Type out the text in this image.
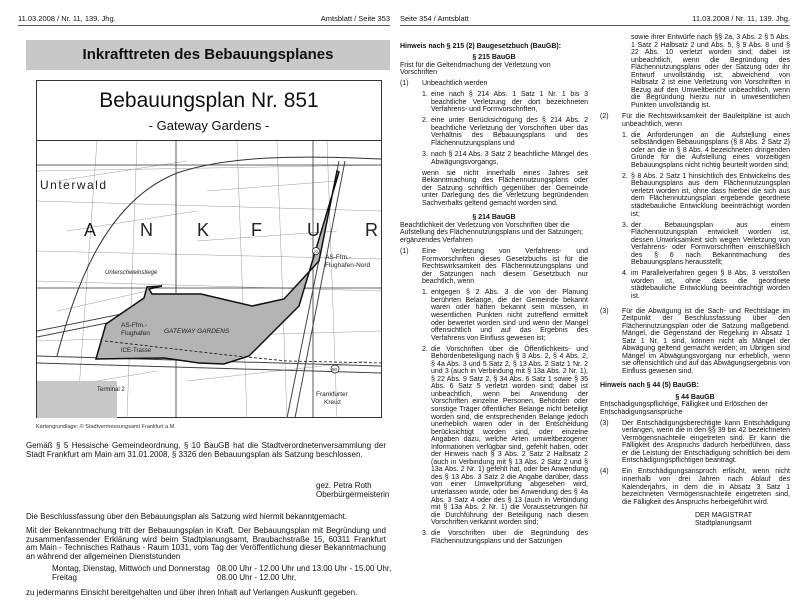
11.03.2008 / Nr. 11, 139. Jhg.	Amtsblatt / Seite 353
Inkrafttreten des Bebauungsplanes
Bebauungsplan Nr. 851
- Gateway Gardens -
Unterwald
A N K F	U	R
Unterschweinstiege
AS-Ffm.-
Flughafen-Nord
AS-Ffm.-
Flughafen GATEWAY GARDENS
ICE-Trasse
Terminal 2
Frankfurter
Kreuz
22
50
Kartengrundlage: © Stadtvermessungsamt Frankfurt a.M.
Gemäß § 5 Hessische Gemeindeordnung, § 10 BauGB hat die Stadtverordnetenversammlung der Stadt Frankfurt am Main am 31.01.2008, § 3326 den Bebauungsplan als Satzung beschlossen.
gez. Petra Roth
Oberbürgermeisterin
Die Beschlussfassung über den Bebauungsplan als Satzung wird hiermit bekanntgemacht.
Mit der Bekanntmachung tritt der Bebauungsplan in Kraft. Der Bebauungsplan mit Begründung und zusammenfassender Erklärung wird beim Stadtplanungsamt, Braubachstraße 15, 60311 Frankfurt am Main - Technisches Rathaus - Raum 1031, vom Tag der Veröffentlichung dieser Bekanntmachung an während der allgemeinen Dienststunden
Montag, Dienstag, Mittwoch und Donnerstag 08.00 Uhr - 12.00 Uhr und 13.00 Uhr - 15.00 Uhr,
Freitag	08.00 Uhr - 12.00 Uhr,
zu jedermanns Einsicht bereitgehalten und über ihren Inhalt auf Verlangen Auskunft gegeben.
Seite 354 / Amtsblatt	11.03.2008 / Nr. 11, 139. Jhg.

Hinweis nach § 215 (2) Baugesetzbuch (BauGB):

§ 215 BauGB

Frist für die Geltendmachung der Verletzung von Vorschriften

(1)	Unbeachtlich werden

1. eine nach § 214 Abs. 1 Satz 1 Nr. 1 bis 3 beachtliche Verletzung der dort bezeichneten Verfahrens- und Formvorschriften,
2. eine unter Berücksichtigung des § 214 Abs. 2 beachtliche Verletzung der Vorschriften über das Verhältnis des Bebauungsplans und des Flächennutzungsplans und
3. nach § 214 Abs. 3 Satz 2 beachtliche Mängel des Abwägungsvorgangs,

wenn sie nicht innerhalb eines Jahres seit Bekanntmachung des Flächennutzungsplans oder der Satzung schriftlich gegenüber der Gemeinde unter Darlegung des die Verletzung begründenden Sachverhalts geltend gemacht worden sind.

§ 214 BauGB

Beachtlichkeit der Verletzung von Vorschriften über die Aufstellung des Flächennutzungsplans und der Satzungen; ergänzendes Verfahren

(1)	Eine Verletzung von Verfahrens- und Formvorschriften dieses Gesetzbuchs ist für die Rechtswirksamkeit des Flächennutzungsplans und der Satzungen nach diesem Gesetzbuch nur beachtlich, wenn

1. entgegen § 2 Abs. 3 die von der Planung berührten Belange, die der Gemeinde bekannt waren oder hätten bekannt sein müssen, in wesentlichen Punkten nicht zutreffend ermittelt oder bewertet worden sind und wenn der Mangel offensichtlich und auf das Ergebnis des Verfahrens von Einfluss gewesen ist;
2. die Vorschriften über die Öffentlichkeits- und Behördenbeteiligung nach § 3 Abs. 2, § 4 Abs. 2, § 4a Abs. 3 und 5 Satz 2, § 13 Abs. 2 Satz 1 Nr. 2 und 3 (auch in Verbindung mit § 13a Abs. 2 Nr. 1), § 22 Abs. 9 Satz 2, § 34 Abs. 6 Satz 1 sowie § 35 Abs. 6 Satz 5 verletzt worden sind; dabei ist unbeachtlich, wenn bei Anwendung der Vorschriften einzelne Personen, Behörden oder sonstige Träger öffentlicher Belange nicht beteiligt worden sind, die entsprechenden Belange jedoch unerheblich waren oder in der Entscheidung berücksichtigt worden sind, oder einzelne Angaben dazu, welche Arten umweltbezogener Informationen verfügbar sind, gefehlt haben, oder der Hinweis nach § 3 Abs. 2 Satz 2 Halbsatz 2 (auch in Verbindung mit § 13 Abs. 2 Satz 2 und § 13a Abs. 2 Nr. 1) gefehlt hat, oder bei Anwendung des § 13 Abs. 3 Satz 2 die Angabe darüber, dass von einer Umweltprüfung abgesehen wird, unterlassen wurde, oder bei Anwendung des § 4a Abs. 3 Satz 4 oder des § 13 (auch in Verbindung mit § 13a Abs. 2 Nr. 1) die Voraussetzungen für die Durchführung der Beteiligung nach diesen Vorschriften verkannt worden sind;
3. die Vorschriften über die Begründung des Flächennutzungsplans und der Satzungen

sowie ihrer Entwürfe nach §§ 2a, 3 Abs. 2 § 5 Abs. 1 Satz 2 Halbsatz 2 und Abs. 5, § 9 Abs. 8 und § 22 Abs. 10 verletzt worden sind; dabei ist unbeachtlich, wenn die Begründung des Flächennutzungsplans oder der Satzung oder ihr Entwurf unvollständig ist; abweichend von Halbsatz 2 ist eine Verletzung von Vorschriften in Bezug auf den Umweltbericht unbeachtlich, wenn die Begründung hierzu nur in unwesentlichen Punkten unvollständig ist.

(2)	Für die Rechtswirksamkeit der Bauleitpläne ist auch unbeachtlich, wenn

1. die Anforderungen an die Aufstellung eines selbständigen Bebauungsplans (§ 8 Abs. 2 Satz 2) oder an die in § 8 Abs. 4 bezeichneten dringenden Gründe für die Aufstellung eines vorzeitigen Bebauungsplans nicht richtig beurteilt worden sind;
2. § 8 Abs. 2 Satz 1 hinsichtlich des Entwickelns des Bebauungsplans aus dem Flächennutzungsplan verletzt worden ist, ohne dass hierbei die sich aus dem Flächennutzungsplan ergebende geordnete städtebauliche Entwicklung beeinträchtigt worden ist;
3. der Bebauungsplan aus einem Flächennutzungsplan entwickelt worden ist, dessen Unwirksamkeit sich wegen Verletzung von Verfahrens- oder Formvorschriften einschließlich des § 6 nach Bekanntmachung des Bebauungsplans herausstellt;
4. im Parallelverfahren gegen § 8 Abs. 3 verstoßen worden ist, ohne dass die geordnete städtebauliche Entwicklung beeinträchtigt worden ist.
(3)	Für die Abwägung ist die Sach- und Rechtslage im Zeitpunkt der Beschlussfassung über den Flächennutzungsplan oder die Satzung maßgebend. Mängel, die Gegenstand der Regelung in Absatz 1 Satz 1 Nr. 1 sind, können nicht als Mängel der Abwägung geltend gemacht werden; im Übrigen sind Mängel im Abwägungsvorgang nur erheblich, wenn sie offensichtlich und auf das Abwägungsergebnis von Einfluss gewesen sind.

Hinweis nach § 44 (5) BauGB:

§ 44 BauGB

Entschädigungspflichtige, Fälligkeit und Erlöschen der Entschädigungsansprüche

(3)	Der Entschädigungsberechtigte kann Entschädigung verlangen, wenn die in den §§ 39 bis 42 bezeichneten Vermögensnachteile eingetreten sind. Er kann die Fälligkeit des Anspruchs dadurch herbeiführen, dass er die Leistung der Entschädigung schriftlich bei dem Entschädigungspflichtigen beantragt.
(4)	Ein Entschädigungsanspruch erlischt, wenn nicht innerhalb von drei Jahren nach Ablauf des Kalenderjahrs, in dem die in Absatz 3 Satz 1 bezeichneten Vermögensnachteile eingetreten sind, die Fälligkeit des Anspruchs herbeigeführt wird.
DER MAGISTRAT
Stadtplanungsamt
